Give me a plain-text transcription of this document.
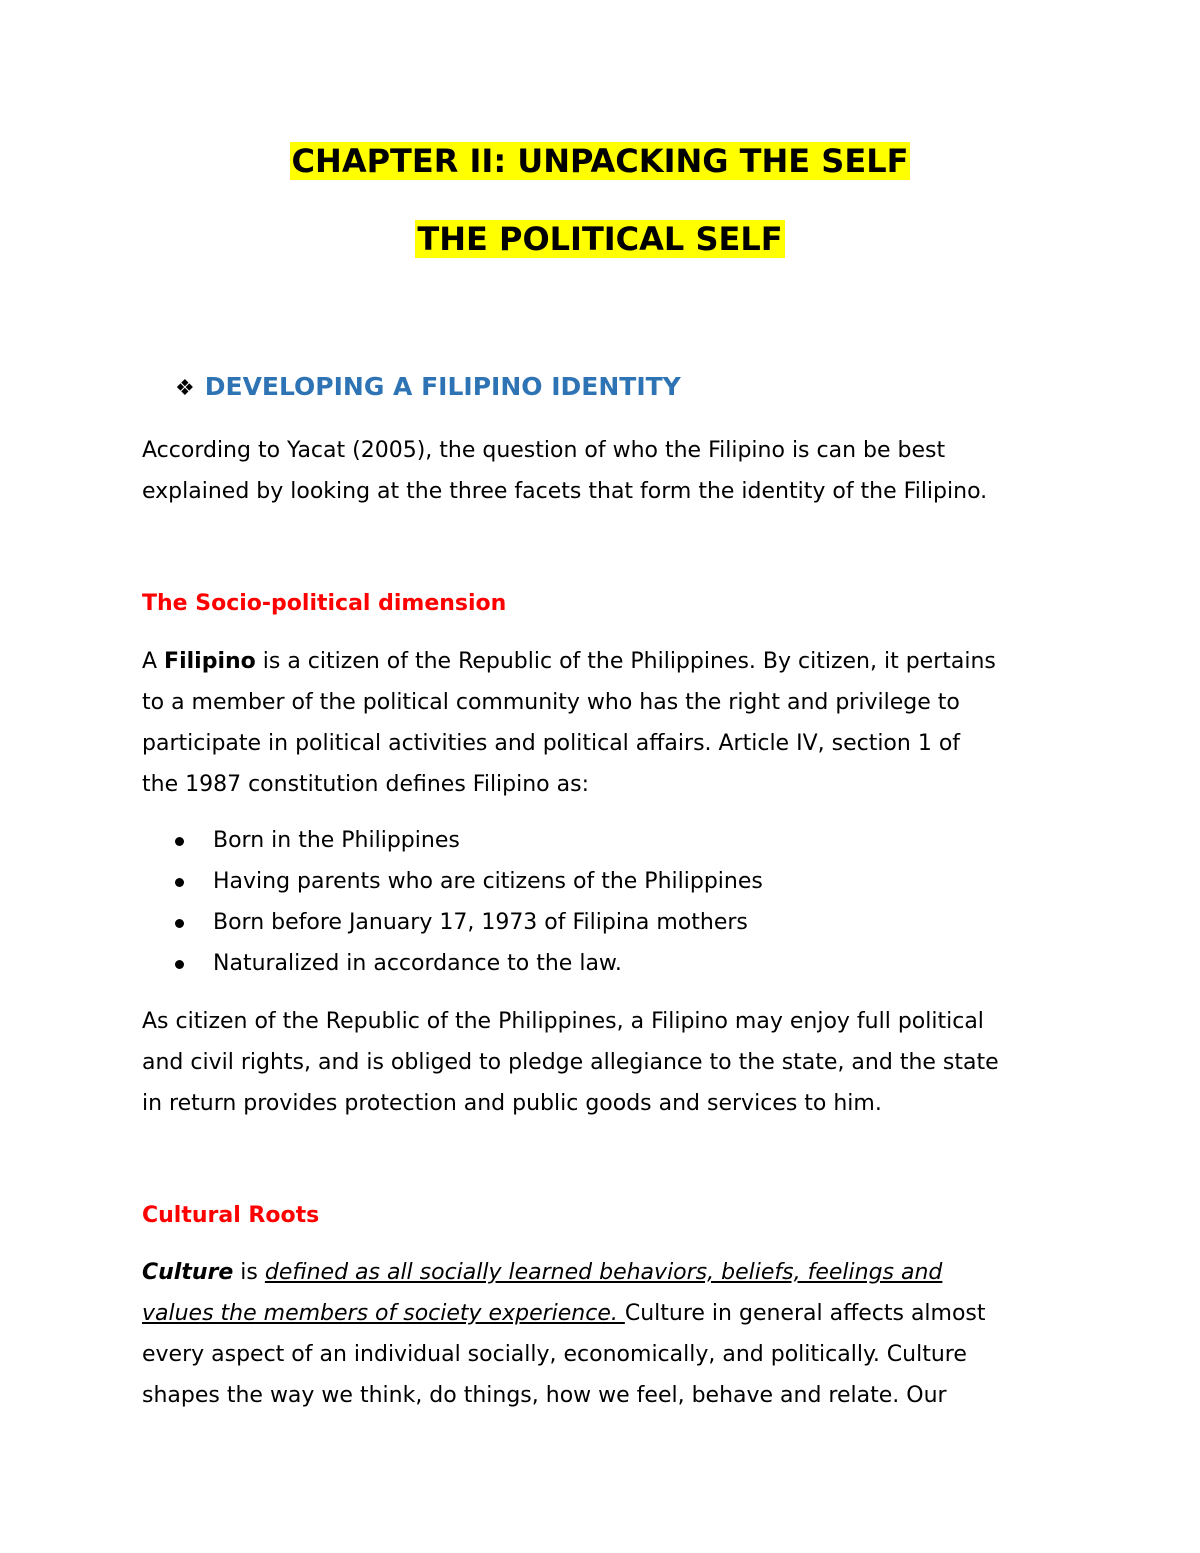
CHAPTER II: UNPACKING THE SELF
THE POLITICAL SELF
❖ DEVELOPING A FILIPINO IDENTITY
According to Yacat (2005), the question of who the Filipino is can be best
explained by looking at the three facets that form the identity of the Filipino.
The Socio-political dimension
A Filipino is a citizen of the Republic of the Philippines. By citizen, it pertains
to a member of the political community who has the right and privilege to
participate in political activities and political affairs. Article IV, section 1 of
the 1987 constitution defines Filipino as:
Born in the Philippines
Having parents who are citizens of the Philippines
Born before January 17, 1973 of Filipina mothers
Naturalized in accordance to the law.
As citizen of the Republic of the Philippines, a Filipino may enjoy full political
and civil rights, and is obliged to pledge allegiance to the state, and the state
in return provides protection and public goods and services to him.
Cultural Roots
Culture is defined as all socially learned behaviors, beliefs, feelings and
values the members of society experience. Culture in general affects almost
every aspect of an individual socially, economically, and politically. Culture
shapes the way we think, do things, how we feel, behave and relate. Our
